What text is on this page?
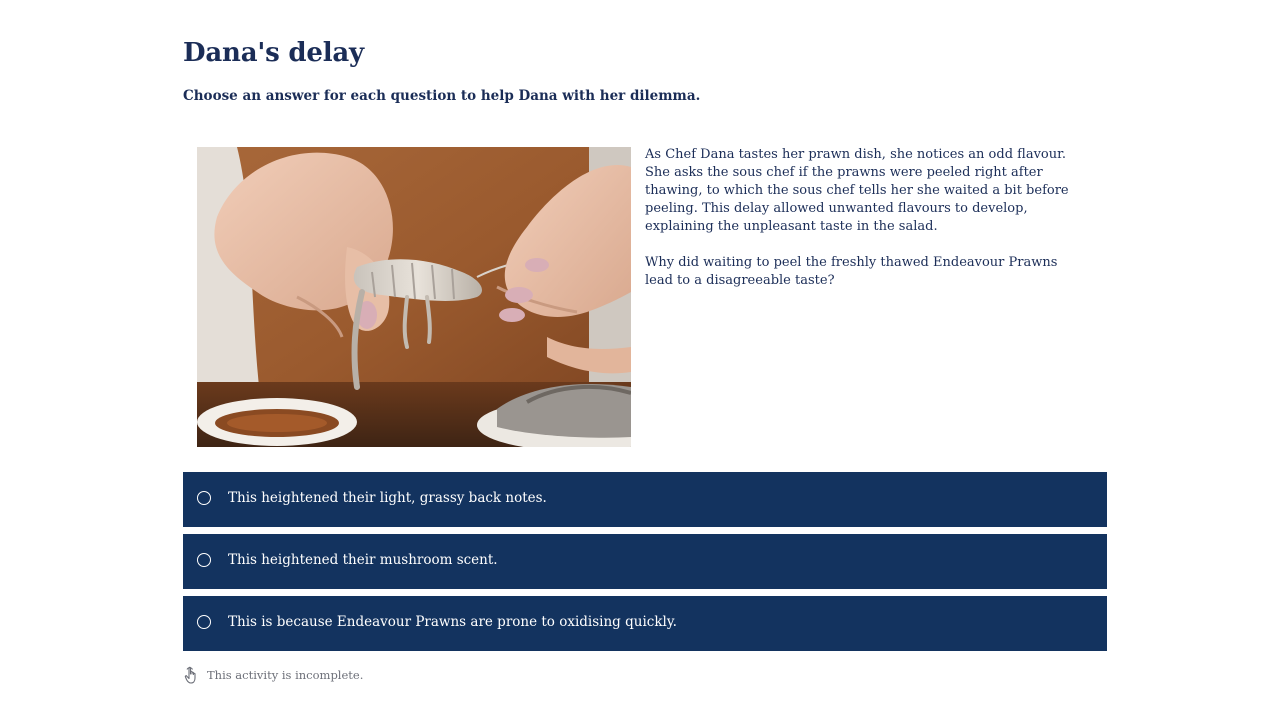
Dana's delay

Choose an answer for each question to help Dana with her dilemma.

As Chef Dana tastes her prawn dish, she notices an odd flavour. She asks the sous chef if the prawns were peeled right after thawing, to which the sous chef tells her she waited a bit before peeling. This delay allowed unwanted flavours to develop, explaining the unpleasant taste in the salad.

Why did waiting to peel the freshly thawed Endeavour Prawns lead to a disagreeable taste?

This heightened their light, grassy back notes.
This heightened their mushroom scent.
This is because Endeavour Prawns are prone to oxidising quickly.
This activity is incomplete.
